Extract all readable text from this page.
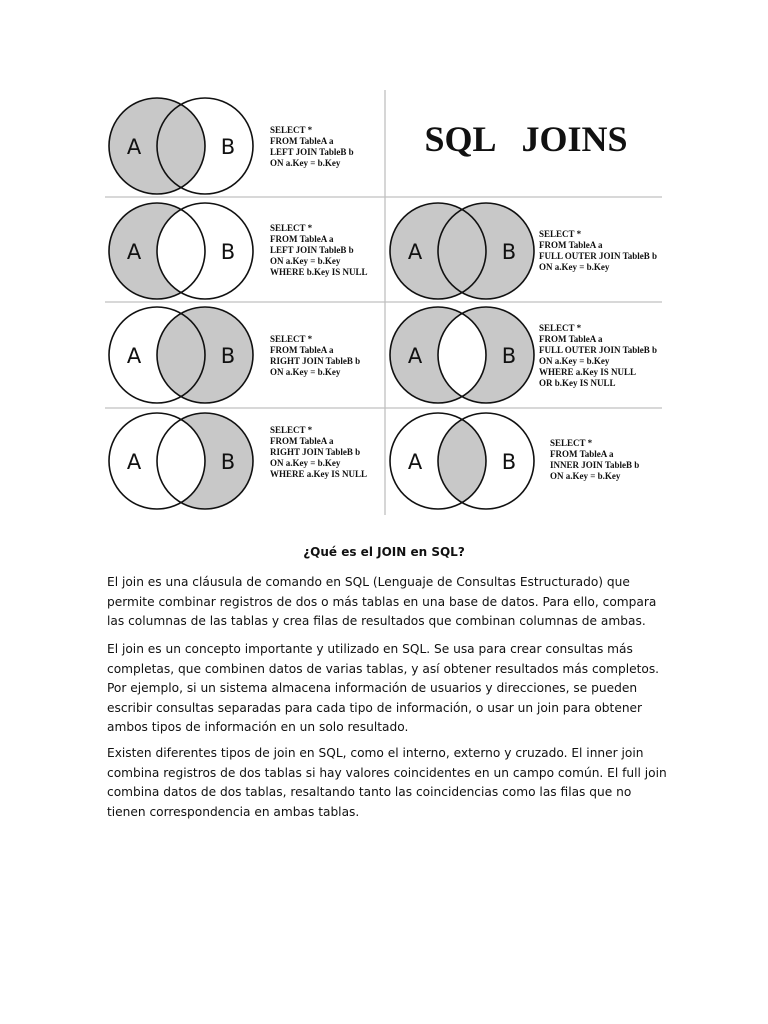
SQL   JOINS
A	B
SELECT * FROM TableA a LEFT JOIN TableB b ON a.Key = b.Key
A	B
SELECT * FROM TableA a LEFT JOIN TableB b ON a.Key = b.Key WHERE b.Key IS NULL
A	B
SELECT * FROM TableA a RIGHT JOIN TableB b ON a.Key = b.Key
A	B
SELECT * FROM TableA a RIGHT JOIN TableB b ON a.Key = b.Key WHERE a.Key IS NULL
A	B
SELECT * FROM TableA a FULL OUTER JOIN TableB b ON a.Key = b.Key
A	B
SELECT * FROM TableA a FULL OUTER JOIN TableB b ON a.Key = b.Key WHERE a.Key IS NULL OR b.Key IS NULL
A	B
SELECT * FROM TableA a INNER JOIN TableB b ON a.Key = b.Key
¿Qué es el JOIN en SQL?

El join es una cláusula de comando en SQL (Lenguaje de Consultas Estructurado) que permite combinar registros de dos o más tablas en una base de datos. Para ello, compara las columnas de las tablas y crea filas de resultados que combinan columnas de ambas.

El join es un concepto importante y utilizado en SQL. Se usa para crear consultas más completas, que combinen datos de varias tablas, y así obtener resultados más completos. Por ejemplo, si un sistema almacena información de usuarios y direcciones, se pueden escribir consultas separadas para cada tipo de información, o usar un join para obtener ambos tipos de información en un solo resultado.

Existen diferentes tipos de join en SQL, como el interno, externo y cruzado. El inner join combina registros de dos tablas si hay valores coincidentes en un campo común. El full join combina datos de dos tablas, resaltando tanto las coincidencias como las filas que no tienen correspondencia en ambas tablas.
